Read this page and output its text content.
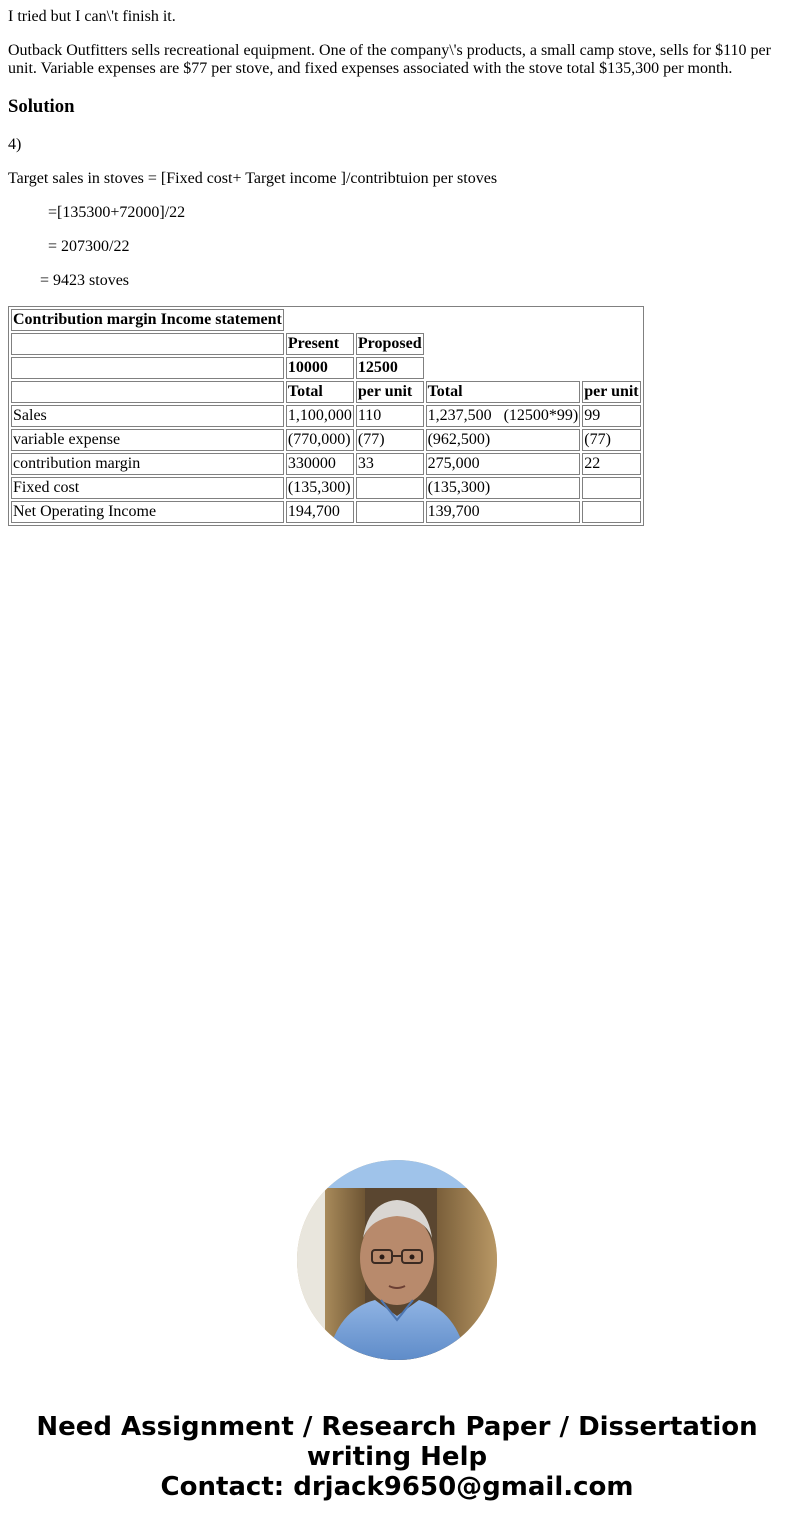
I tried but I can\'t finish it.

Outback Outfitters sells recreational equipment. One of the company\'s products, a small camp stove, sells for $110 per unit. Variable expenses are $77 per stove, and fixed expenses associated with the stove total $135,300 per month.

Solution

4)

Target sales in stoves = [Fixed cost+ Target income ]/contribtuion per stoves

=[135300+72000]/22

= 207300/22

= 9423 stoves

Contribution margin Income statement				
	Present	Proposed		
	10000	12500		
	Total	per unit	Total	per unit
Sales	1,100,000	110	1,237,500   (12500*99)	99
variable expense	(770,000)	(77)	(962,500)	(77)
contribution margin	330000	33	275,000	22
Fixed cost	(135,300)		(135,300)	
Net Operating Income	194,700		139,700	
Need Assignment / Research Paper / Dissertation
writing Help
Contact: drjack9650@gmail.com
